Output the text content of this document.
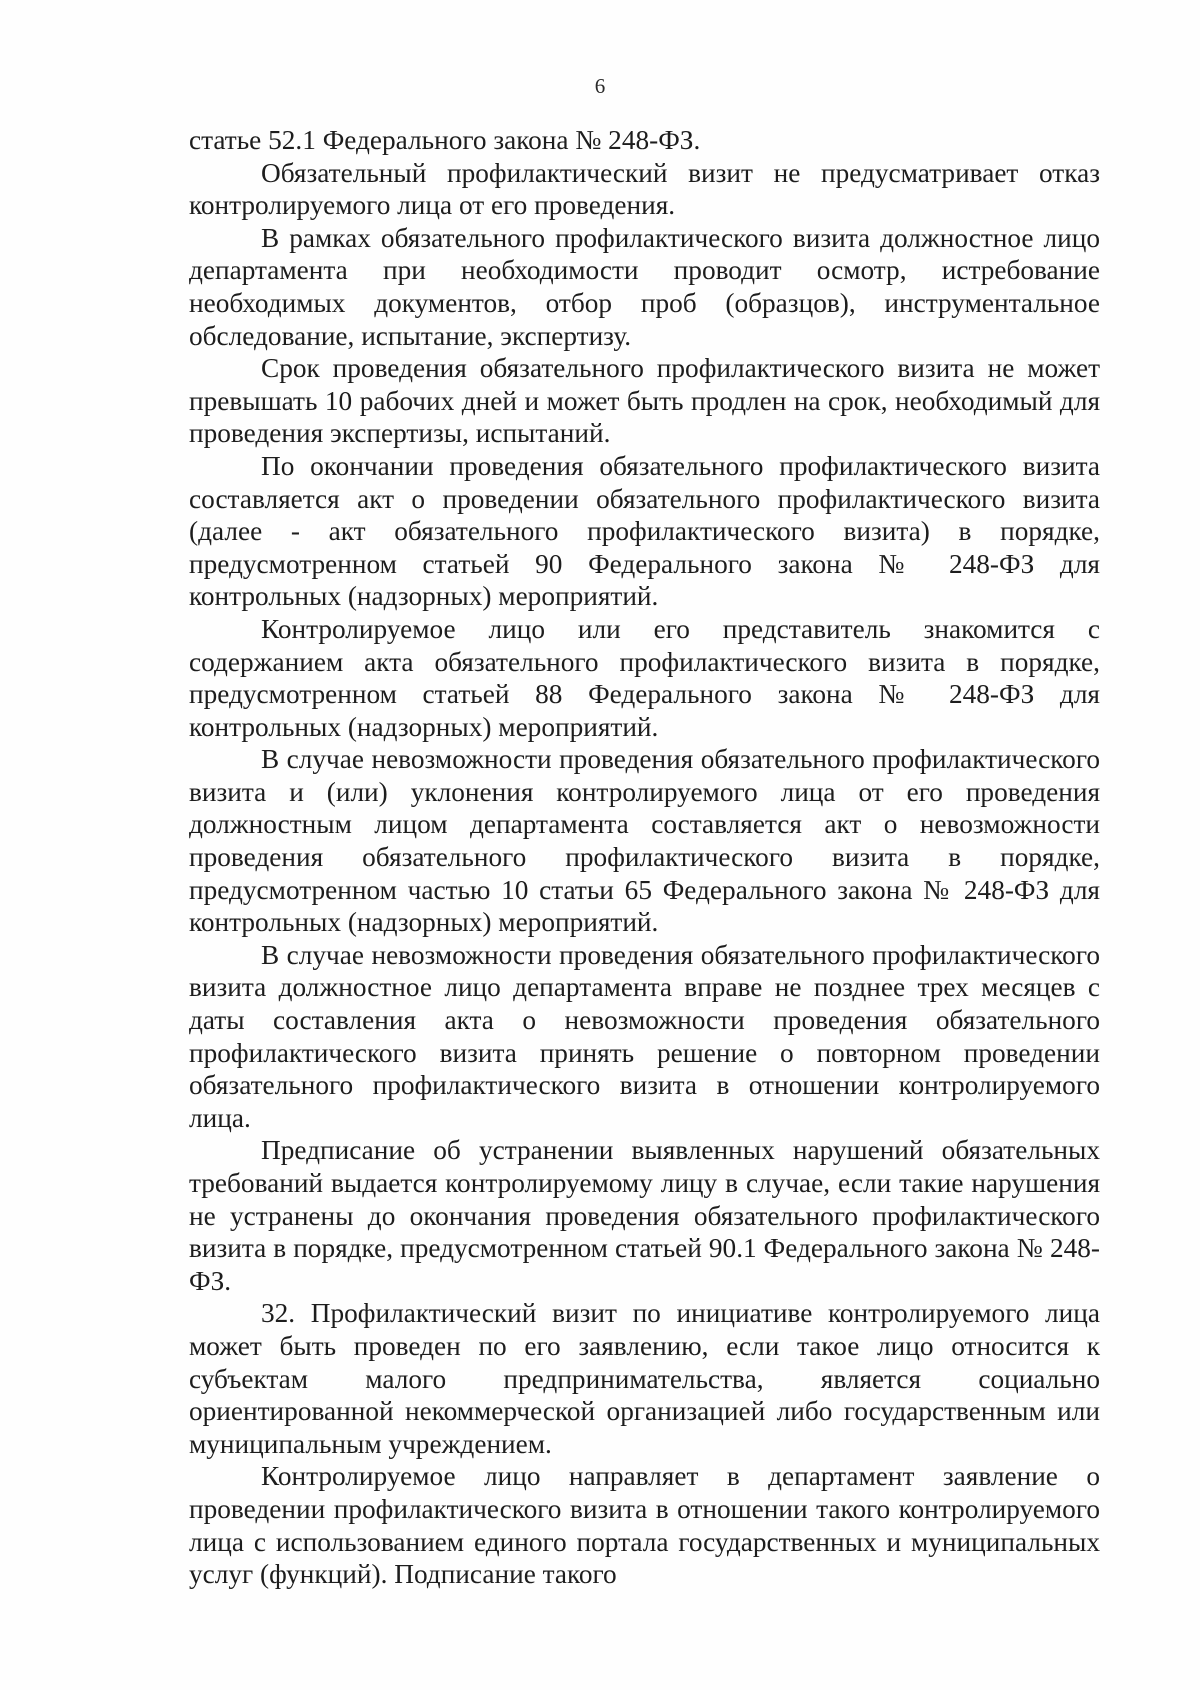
6

статье 52.1 Федерального закона № 248-ФЗ.

Обязательный профилактический визит не предусматривает отказ контролируемого лица от его проведения.

В рамках обязательного профилактического визита должностное лицо департамента при необходимости проводит осмотр, истребование необходимых документов, отбор проб (образцов), инструментальное обследование, испытание, экспертизу.

Срок проведения обязательного профилактического визита не может превышать 10 рабочих дней и может быть продлен на срок, необходимый для проведения экспертизы, испытаний.

По окончании проведения обязательного профилактического визита составляется акт о проведении обязательного профилактического визита (далее - акт обязательного профилактического визита) в порядке, предусмотренном статьей 90 Федерального закона № 248-ФЗ для контрольных (надзорных) мероприятий.

Контролируемое лицо или его представитель знакомится с содержанием акта обязательного профилактического визита в порядке, предусмотренном статьей 88 Федерального закона № 248-ФЗ для контрольных (надзорных) мероприятий.

В случае невозможности проведения обязательного профилактического визита и (или) уклонения контролируемого лица от его проведения должностным лицом департамента составляется акт о невозможности проведения обязательного профилактического визита в порядке, предусмотренном частью 10 статьи 65 Федерального закона № 248-ФЗ для контрольных (надзорных) мероприятий.

В случае невозможности проведения обязательного профилактического визита должностное лицо департамента вправе не позднее трех месяцев с даты составления акта о невозможности проведения обязательного профилактического визита принять решение о повторном проведении обязательного профилактического визита в отношении контролируемого лица.

Предписание об устранении выявленных нарушений обязательных требований выдается контролируемому лицу в случае, если такие нарушения не устранены до окончания проведения обязательного профилактического визита в порядке, предусмотренном статьей 90.1 Федерального закона № 248-ФЗ.

32. Профилактический визит по инициативе контролируемого лица может быть проведен по его заявлению, если такое лицо относится к субъектам малого предпринимательства, является социально ориентированной некоммерческой организацией либо государственным или муниципальным учреждением.

Контролируемое лицо направляет в департамент заявление о проведении профилактического визита в отношении такого контролируемого лица с использованием единого портала государственных и муниципальных услуг (функций). Подписание такого
